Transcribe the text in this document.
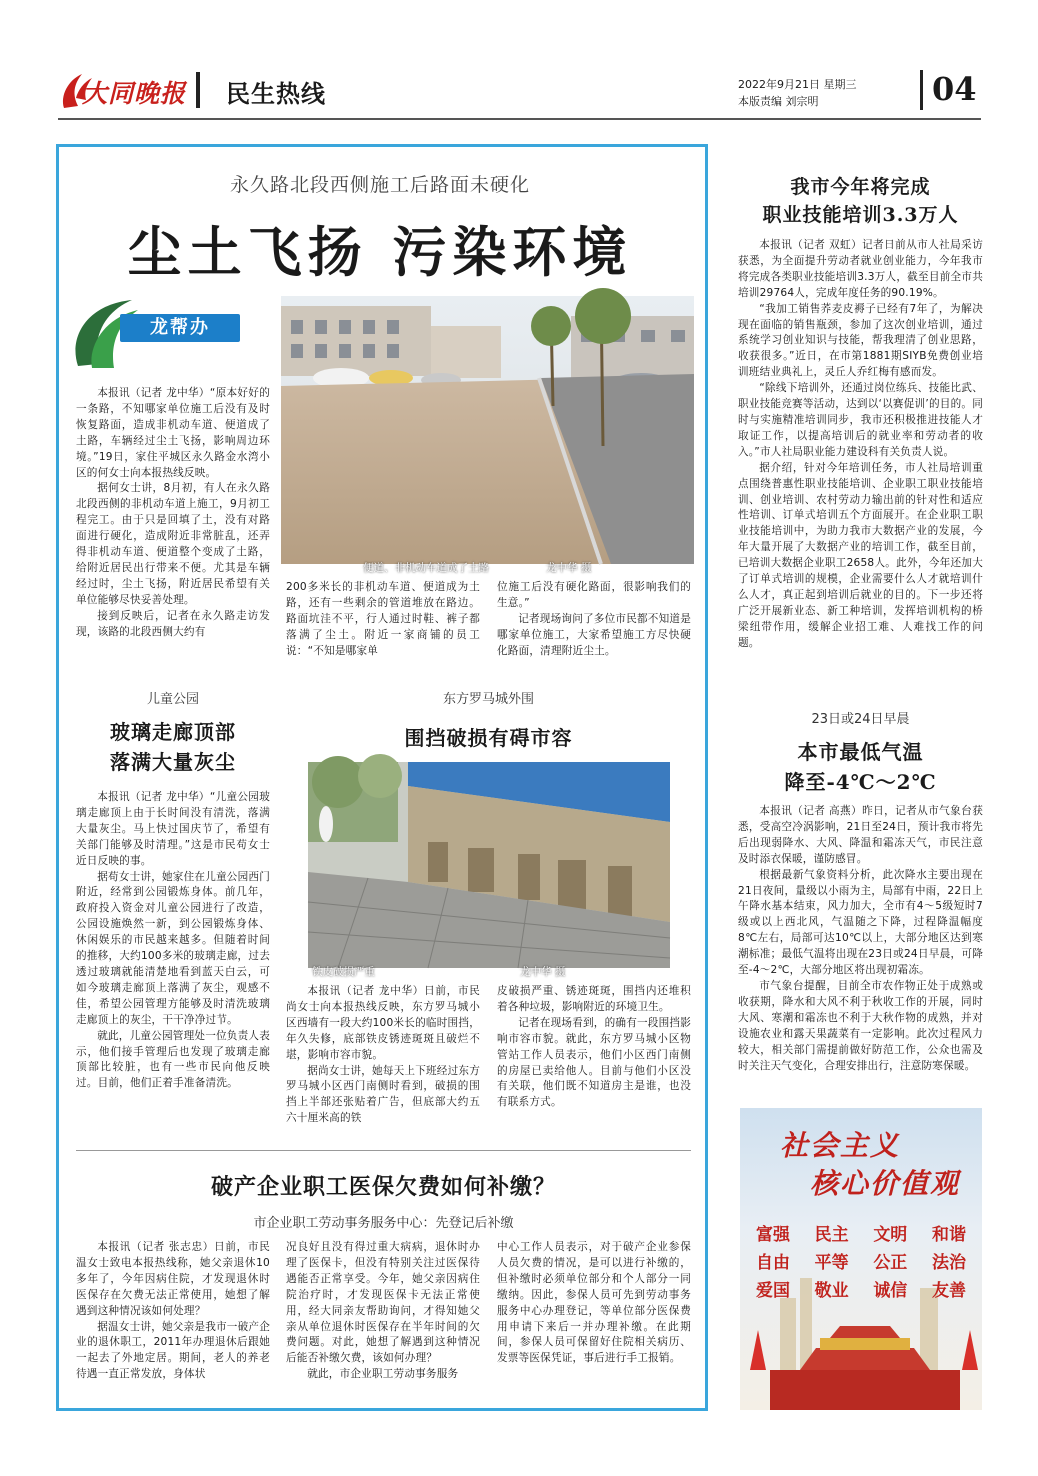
大同晚报 民生热线	2022年9月21日 星期三
本版责编 刘宗明	04
永久路北段西侧施工后路面未硬化
尘土飞扬 污染环境
龙帮办
便道、非机动车道成了土路	龙中华 摄

本报讯（记者 龙中华）“原本好好的一条路，不知哪家单位施工后没有及时恢复路面，造成非机动车道、便道成了土路，车辆经过尘土飞扬，影响周边环境。”19日，家住平城区永久路金水湾小区的何女士向本报热线反映。

据何女士讲，8月初，有人在永久路北段西侧的非机动车道上施工，9月初工程完工。由于只是回填了土，没有对路面进行硬化，造成附近非常脏乱，还弄得非机动车道、便道整个变成了土路，给附近居民出行带来不便。尤其是车辆经过时，尘土飞扬，附近居民希望有关单位能够尽快妥善处理。

接到反映后，记者在永久路走访发现，该路的北段西侧大约有

200多米长的非机动车道、便道成为土路，还有一些剩余的管道堆放在路边。路面坑洼不平，行人通过时鞋、裤子都落满了尘土。附近一家商铺的员工说：“不知是哪家单

位施工后没有硬化路面，很影响我们的生意。”

记者现场询问了多位市民都不知道是哪家单位施工，大家希望施工方尽快硬化路面，清理附近尘土。

儿童公园
玻璃走廊顶部
落满大量灰尘

本报讯（记者 龙中华）“儿童公园玻璃走廊顶上由于长时间没有清洗，落满大量灰尘。马上快过国庆节了，希望有关部门能够及时清理。”这是市民苟女士近日反映的事。

据苟女士讲，她家住在儿童公园西门附近，经常到公园锻炼身体。前几年，政府投入资金对儿童公园进行了改造，公园设施焕然一新，到公园锻炼身体、休闲娱乐的市民越来越多。但随着时间的推移，大约100多米的玻璃走廊，过去透过玻璃就能清楚地看到蓝天白云，可如今玻璃走廊顶上落满了灰尘，观感不佳，希望公园管理方能够及时清洗玻璃走廊顶上的灰尘，干干净净过节。

就此，儿童公园管理处一位负责人表示，他们接手管理后也发现了玻璃走廊顶部比较脏，也有一些市民向他反映过。目前，他们正着手准备清洗。

东方罗马城外围
围挡破损有碍市容
铁皮破损严重	龙中华 摄

本报讯（记者 龙中华）日前，市民尚女士向本报热线反映，东方罗马城小区西墙有一段大约100米长的临时围挡，年久失修，底部铁皮锈迹斑斑且破烂不堪，影响市容市貌。

据尚女士讲，她每天上下班经过东方罗马城小区西门南侧时看到，破损的围挡上半部还张贴着广告，但底部大约五六十厘米高的铁

皮破损严重、锈迹斑斑，围挡内还堆积着各种垃圾，影响附近的环境卫生。

记者在现场看到，的确有一段围挡影响市容市貌。就此，东方罗马城小区物管站工作人员表示，他们小区西门南侧的房屋已卖给他人。目前与他们小区没有关联，他们既不知道房主是谁，也没有联系方式。

破产企业职工医保欠费如何补缴？
市企业职工劳动事务服务中心：先登记后补缴

本报讯（记者 张志忠）日前，市民温女士致电本报热线称，她父亲退休10多年了，今年因病住院，才发现退休时医保存在欠费无法正常使用，她想了解遇到这种情况该如何处理？

据温女士讲，她父亲是我市一破产企业的退休职工，2011年办理退休后跟她一起去了外地定居。期间，老人的养老待遇一直正常发放，身体状

况良好且没有得过重大病病，退休时办理了医保卡，但没有特别关注过医保待遇能否正常享受。今年，她父亲因病住院治疗时，才发现医保卡无法正常使用，经大同亲友帮助询问，才得知她父亲从单位退休时医保存在半年时间的欠费问题。对此，她想了解遇到这种情况后能否补缴欠费，该如何办理？

就此，市企业职工劳动事务服务

中心工作人员表示，对于破产企业参保人员欠费的情况，是可以进行补缴的，但补缴时必须单位部分和个人部分一同缴纳。因此，参保人员可先到劳动事务服务中心办理登记，等单位部分医保费用申请下来后一并办理补缴。在此期间，参保人员可保留好住院相关病历、发票等医保凭证，事后进行手工报销。

我市今年将完成
职业技能培训3.3万人

本报讯（记者 双虹）记者日前从市人社局采访获悉，为全面提升劳动者就业创业能力，今年我市将完成各类职业技能培训3.3万人，截至目前全市共培训29764人，完成年度任务的90.19%。

“我加工销售荞麦皮褥子已经有7年了，为解决现在面临的销售瓶颈，参加了这次创业培训，通过系统学习创业知识与技能，帮我理清了创业思路，收获很多。”近日，在市第1881期SIYB免费创业培训班结业典礼上，灵丘人乔红梅有感而发。

“除线下培训外，还通过岗位练兵、技能比武、职业技能竞赛等活动，达到以‘以赛促训’的目的。同时与实施精准培训同步，我市还积极推进技能人才取证工作，以提高培训后的就业率和劳动者的收入。”市人社局职业能力建设科有关负责人说。

据介绍，针对今年培训任务，市人社局培训重点围绕普惠性职业技能培训、企业职工职业技能培训、创业培训、农村劳动力输出前的针对性和适应性培训、订单式培训五个方面展开。在企业职工职业技能培训中，为助力我市大数据产业的发展，今年大量开展了大数据产业的培训工作，截至目前，已培训大数据企业职工2658人。此外，今年还加大了订单式培训的规模，企业需要什么人才就培训什么人才，真正起到培训后就业的目的。下一步还将广泛开展新业态、新工种培训，发挥培训机构的桥梁纽带作用，缓解企业招工难、人难找工作的问题。

23日或24日早晨
本市最低气温
降至-4℃～2℃

本报讯（记者 高燕）昨日，记者从市气象台获悉，受高空冷涡影响，21日至24日，预计我市将先后出现弱降水、大风、降温和霜冻天气，市民注意及时添衣保暖，谨防感冒。

根据最新气象资料分析，此次降水主要出现在21日夜间，量级以小雨为主，局部有中雨，22日上午降水基本结束，风力加大，全市有4～5级短时7级或以上西北风，气温随之下降，过程降温幅度8℃左右，局部可达10℃以上，大部分地区达到寒潮标准；最低气温将出现在23日或24日早晨，可降至-4～2℃，大部分地区将出现初霜冻。

市气象台提醒，目前全市农作物正处于成熟或收获期，降水和大风不利于秋收工作的开展，同时大风、寒潮和霜冻也不利于大秋作物的成熟，并对设施农业和露天果蔬菜有一定影响。此次过程风力较大，相关部门需提前做好防范工作，公众也需及时关注天气变化，合理安排出行，注意防寒保暖。

社会主义
核心价值观
富强 民主 文明 和谐
自由 平等 公正 法治
爱国 敬业 诚信 友善
